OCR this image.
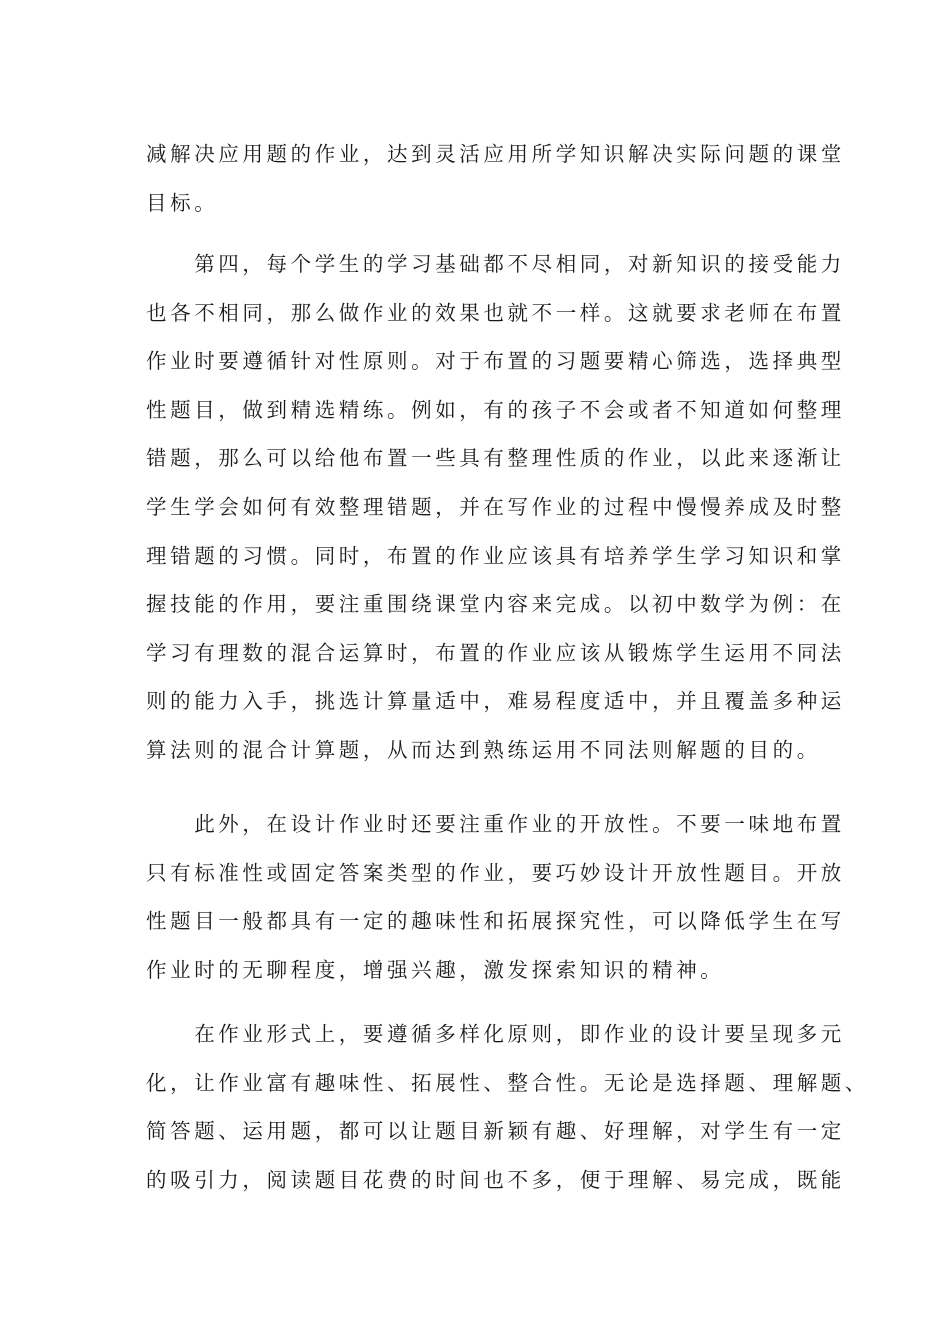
减解决应用题的作业，达到灵活应用所学知识解决实际问题的课堂
目标。
　　第四，每个学生的学习基础都不尽相同，对新知识的接受能力
也各不相同，那么做作业的效果也就不一样。这就要求老师在布置
作业时要遵循针对性原则。对于布置的习题要精心筛选，选择典型
性题目，做到精选精练。例如，有的孩子不会或者不知道如何整理
错题，那么可以给他布置一些具有整理性质的作业，以此来逐渐让
学生学会如何有效整理错题，并在写作业的过程中慢慢养成及时整
理错题的习惯。同时，布置的作业应该具有培养学生学习知识和掌
握技能的作用，要注重围绕课堂内容来完成。以初中数学为例：在
学习有理数的混合运算时，布置的作业应该从锻炼学生运用不同法
则的能力入手，挑选计算量适中，难易程度适中，并且覆盖多种运
算法则的混合计算题，从而达到熟练运用不同法则解题的目的。
　　此外，在设计作业时还要注重作业的开放性。不要一味地布置
只有标准性或固定答案类型的作业，要巧妙设计开放性题目。开放
性题目一般都具有一定的趣味性和拓展探究性，可以降低学生在写
作业时的无聊程度，增强兴趣，激发探索知识的精神。
　　在作业形式上，要遵循多样化原则，即作业的设计要呈现多元
化，让作业富有趣味性、拓展性、整合性。无论是选择题、理解题、
简答题、运用题，都可以让题目新颖有趣、好理解，对学生有一定
的吸引力，阅读题目花费的时间也不多，便于理解、易完成，既能
